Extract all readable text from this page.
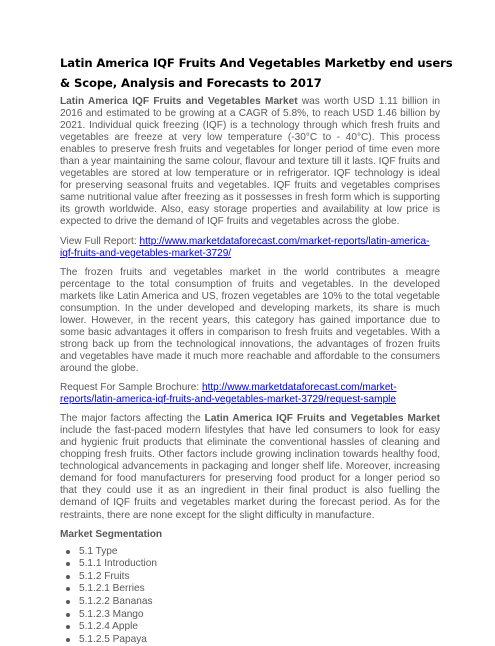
Latin America IQF Fruits And Vegetables Marketby end users & Scope, Analysis and Forecasts to 2017

Latin America IQF Fruits and Vegetables Market was worth USD 1.11 billion in 2016 and estimated to be growing at a CAGR of 5.8%, to reach USD 1.46 billion by 2021. Individual quick freezing (IQF) is a technology through which fresh fruits and vegetables are freeze at very low temperature (-30°C to - 40°C). This process enables to preserve fresh fruits and vegetables for longer period of time even more than a year maintaining the same colour, flavour and texture till it lasts. IQF fruits and vegetables are stored at low temperature or in refrigerator. IQF technology is ideal for preserving seasonal fruits and vegetables. IQF fruits and vegetables comprises same nutritional value after freezing as it possesses in fresh form which is supporting its growth worldwide. Also, easy storage properties and availability at low price is expected to drive the demand of IQF fruits and vegetables across the globe.

View Full Report: http://www.marketdataforecast.com/market-reports/latin-america-iqf-fruits-and-vegetables-market-3729/

The frozen fruits and vegetables market in the world contributes a meagre percentage to the total consumption of fruits and vegetables. In the developed markets like Latin America and US, frozen vegetables are 10% to the total vegetable consumption. In the under developed and developing markets, its share is much lower. However, in the recent years, this category has gained importance due to some basic advantages it offers in comparison to fresh fruits and vegetables. With a strong back up from the technological innovations, the advantages of frozen fruits and vegetables have made it much more reachable and affordable to the consumers around the globe.

Request For Sample Brochure: http://www.marketdataforecast.com/market-reports/latin-america-iqf-fruits-and-vegetables-market-3729/request-sample

The major factors affecting the Latin America IQF Fruits and Vegetables Market include the fast-paced modern lifestyles that have led consumers to look for easy and hygienic fruit products that eliminate the conventional hassles of cleaning and chopping fresh fruits. Other factors include growing inclination towards healthy food, technological advancements in packaging and longer shelf life. Moreover, increasing demand for food manufacturers for preserving food product for a longer period so that they could use it as an ingredient in their final product is also fuelling the demand of IQF fruits and vegetables market during the forecast period. As for the restraints, there are none except for the slight difficulty in manufacture.

Market Segmentation

5.1 Type
5.1.1 Introduction
5.1.2 Fruits
5.1.2.1 Berries
5.1.2.2 Bananas
5.1.2.3 Mango
5.1.2.4 Apple
5.1.2.5 Papaya
